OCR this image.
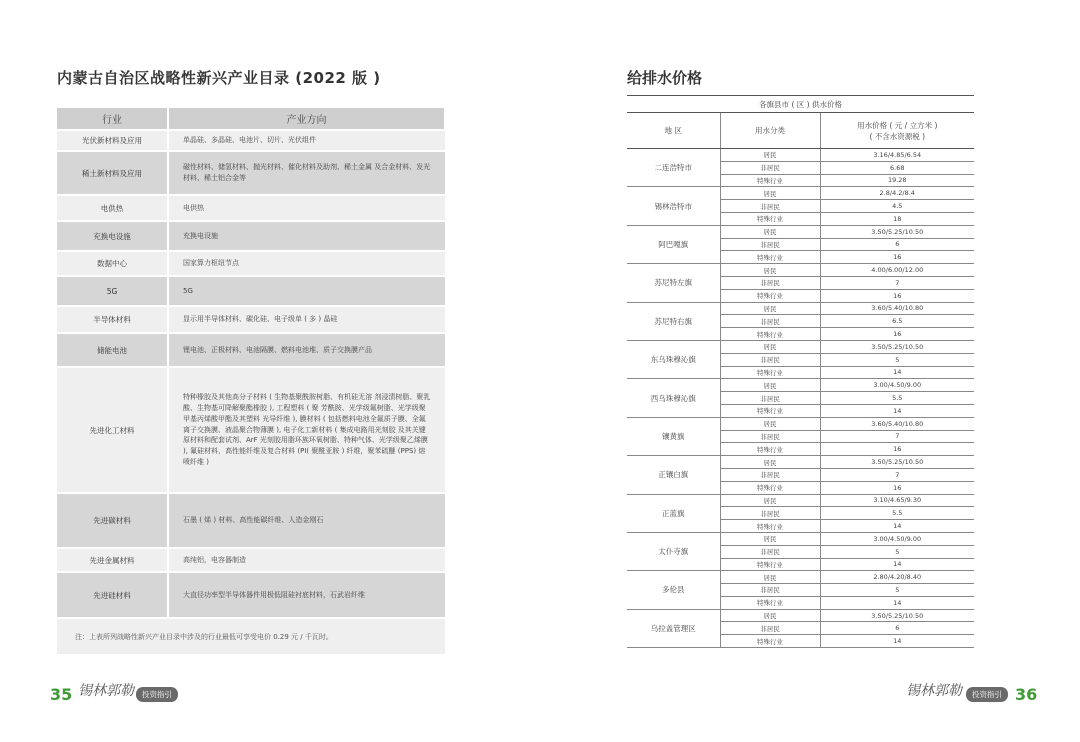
内蒙古自治区战略性新兴产业目录 (2022 版 )
行业	产业方向
光伏新材料及应用	单晶硅、多晶硅、电池片、切片、光伏组件
稀土新材料及应用	磁性材料、储氢材料、抛光材料、催化材料及助剂、稀土金属 及合金材料、发光材料、稀土铝合金等
电供热	电供热
充换电设施	充换电设施
数据中心	国家算力枢纽节点
5G	5G
半导体材料	显示用半导体材料、碳化硅、电子级单 ( 多 ) 晶硅
储能电池	锂电池、正极材料、电池隔膜、燃料电池堆、质子交换膜产品
先进化工材料	特种橡胶及其他高分子材料 ( 生物基聚酰胺树脂、有机硅无溶 剂浸渍树脂、聚乳酸、生物基可降解聚酯橡胶 ), 工程塑料 ( 聚 芳酰胺、光学级氟树脂、光学级聚甲基丙烯酸甲酯及其塑料 光导纤维 ), 膜材料 ( 包括燃料电池全氟质子膜、全氟离子交换膜、液晶聚合物薄膜 ), 电子化工新材料 ( 集成电路用光刻胶 及其关键原材料和配套试剂、ArF 光刻胶用脂环族环氧树脂、特种气体、光学级聚乙烯膜 ), 氟硅材料，高性能纤维及复合材料 (PI( 聚酰亚胺 ) 纤维，聚苯硫醚 (PPS) 熔喷纤维 )
先进碳材料	石墨 ( 烯 ) 材料、高性能碳纤维、人造金刚石
先进金属材料	高纯铝，电容器制造
先进硅材料	大直径功率型半导体器件用极低阻硅衬底材料，石武岩纤维
注：上表所列战略性新兴产业目录中涉及的行业最低可享受电价 0.29 元 / 千瓦时。	
35 锡林郭勒	投资指引
给排水价格
各旗县市 ( 区 ) 供水价格		
地 区	用水分类	用水价格 ( 元 / 立方米 )
( 不含水资源税 )

二连浩特市	居民	3.16/4.85/6.54
	非居民	6.68
	特殊行业	19.28
锡林浩特市	居民	2.8/4.2/8.4
	非居民	4.5
	特殊行业	18
阿巴嘎旗	居民	3.50/5.25/10.50
	非居民	6
	特殊行业	16
苏尼特左旗	居民	4.00/6.00/12.00
	非居民	7
	特殊行业	16
苏尼特右旗	居民	3.60/5.40/10.80
	非居民	6.5
	特殊行业	16
东乌珠穆沁旗	居民	3.50/5.25/10.50
	非居民	5
	特殊行业	14
西乌珠穆沁旗	居民	3.00/4.50/9.00
	非居民	5.5
	特殊行业	14
镶黄旗	居民	3.60/5.40/10.80
	非居民	7
	特殊行业	16
正镶白旗	居民	3.50/5.25/10.50
	非居民	7
	特殊行业	16
正蓝旗	居民	3.10/4.65/9.30
	非居民	5.5
	特殊行业	14
太仆寺旗	居民	3.00/4.50/9.00
	非居民	5
	特殊行业	14
多伦县	居民	2.80/4.20/8.40
	非居民	5
	特殊行业	14
乌拉盖管理区	居民	3.50/5.25/10.50
	非居民	6
	特殊行业	14
锡林郭勒	投资指引 36
